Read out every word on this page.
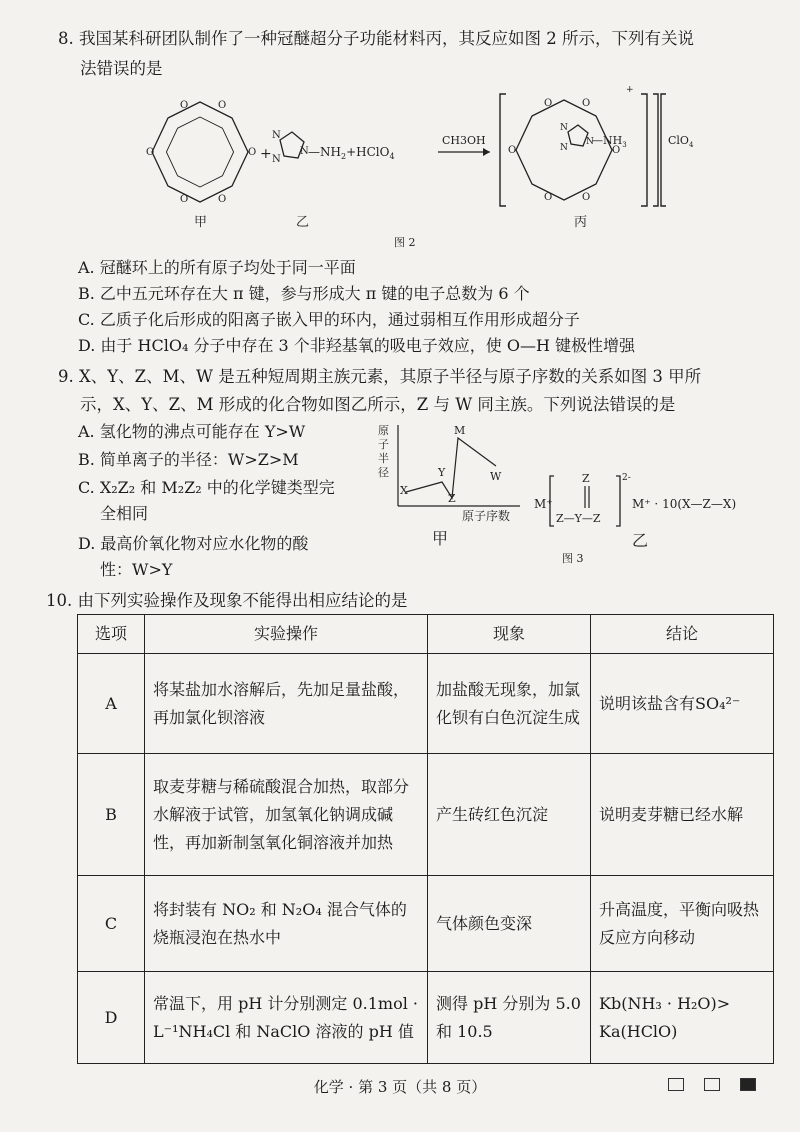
8. 我国某科研团队制作了一种冠醚超分子功能材料丙，其反应如图 2 所示，下列有关说
法错误的是
O	O
O
O
O	O
+
N
N
N $—NH_2+HClO_4$
CH3OH
O	O
O
O
O	O
N
N
N
$—NH_3$
+
ClO$_4$
甲	乙	丙
图 2
A. 冠醚环上的所有原子均处于同一平面
B. 乙中五元环存在大 π 键，参与形成大 π 键的电子总数为 6 个
C. 乙质子化后形成的阳离子嵌入甲的环内，通过弱相互作用形成超分子
D. 由于 HClO₄ 分子中存在 3 个非羟基氧的吸电子效应，使 O—H 键极性增强
9. X、Y、Z、M、W 是五种短周期主族元素，其原子半径与原子序数的关系如图 3 甲所
示，X、Y、Z、M 形成的化合物如图乙所示，Z 与 W 同主族。下列说法错误的是
A. 氢化物的沸点可能存在 Y>W
B. 简单离子的半径：W>Z>M
C. X₂Z₂ 和 M₂Z₂ 中的化学键类型完
全相同
D. 最高价氧化物对应水化物的酸
性：W>Y
原子半径
原子序数
X
Y
Z
M
W
甲
M⁺
Z
Z—Y—Z
2-
M⁺ · 10(X—Z—X)
乙
图 3
10. 由下列实验操作及现象不能得出相应结论的是
选项	实验操作	现象	结论
A	将某盐加水溶解后，先加足量盐酸，再加氯化钡溶液	加盐酸无现象，加氯化钡有白色沉淀生成	说明该盐含有SO₄²⁻
B	取麦芽糖与稀硫酸混合加热，取部分水解液于试管，加氢氧化钠调成碱性，再加新制氢氧化铜溶液并加热	产生砖红色沉淀	说明麦芽糖已经水解
C	将封装有 NO₂ 和 N₂O₄ 混合气体的烧瓶浸泡在热水中	气体颜色变深	升高温度，平衡向吸热反应方向移动
D	常温下，用 pH 计分别测定 0.1mol · L⁻¹NH₄Cl 和 NaClO 溶液的 pH 值	测得 pH 分别为 5.0 和 10.5	Kb(NH₃ · H₂O)> Ka(HClO)
化学 · 第 3 页（共 8 页）
